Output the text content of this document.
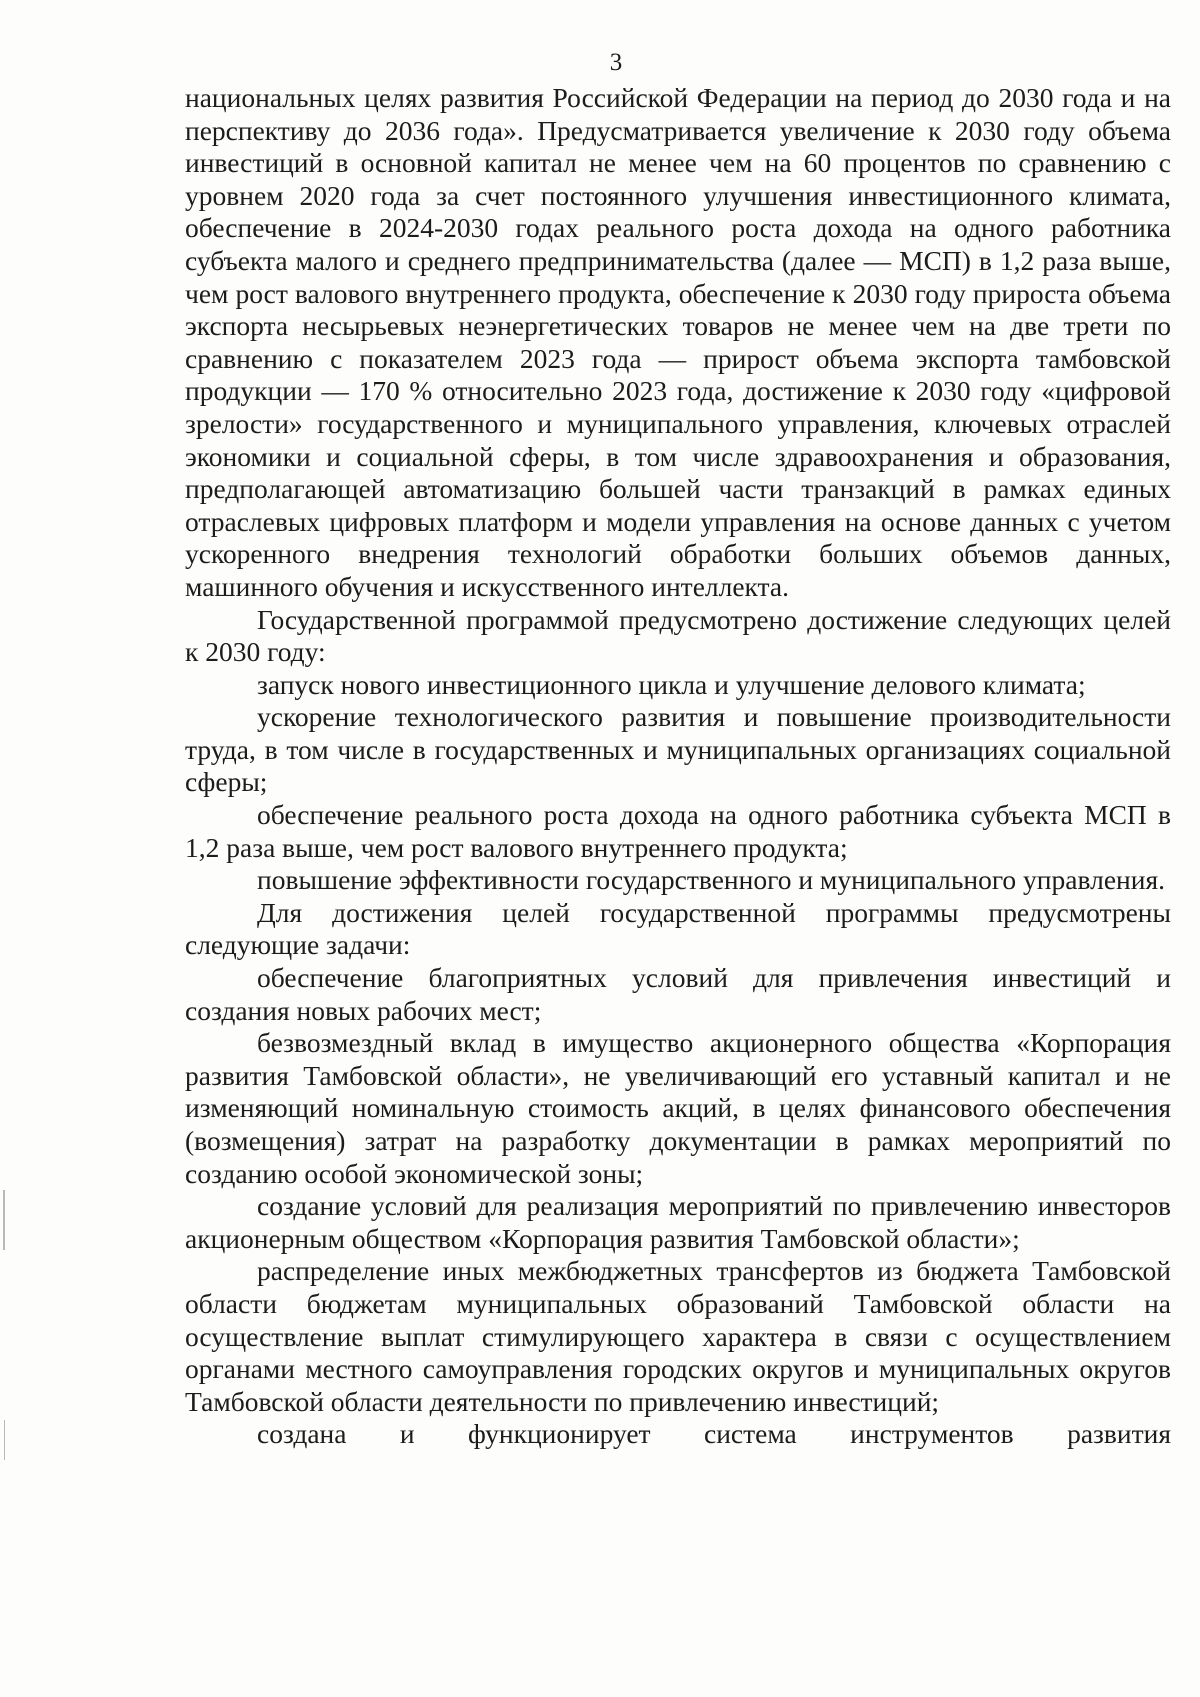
3

национальных целях развития Российской Федерации на период до 2030 года и на перспективу до 2036 года». Предусматривается увеличение к 2030 году объема инвестиций в основной капитал не менее чем на 60 процентов по сравнению с уровнем 2020 года за счет постоянного улучшения инвестиционного климата, обеспечение в 2024-2030 годах реального роста дохода на одного работника субъекта малого и среднего предпринимательства (далее — МСП) в 1,2 раза выше, чем рост валового внутреннего продукта, обеспечение к 2030 году прироста объема экспорта несырьевых неэнергетических товаров не менее чем на две трети по сравнению с показателем 2023 года — прирост объема экспорта тамбовской продукции — 170 % относительно 2023 года, достижение к 2030 году «цифровой зрелости» государственного и муниципального управления, ключевых отраслей экономики и социальной сферы, в том числе здравоохранения и образования, предполагающей автоматизацию большей части транзакций в рамках единых отраслевых цифровых платформ и модели управления на основе данных с учетом ускоренного внедрения технологий обработки больших объемов данных, машинного обучения и искусственного интеллекта.

Государственной программой предусмотрено достижение следующих целей к 2030 году:

запуск нового инвестиционного цикла и улучшение делового климата;

ускорение технологического развития и повышение производительности труда, в том числе в государственных и муниципальных организациях социальной сферы;

обеспечение реального роста дохода на одного работника субъекта МСП в 1,2 раза выше, чем рост валового внутреннего продукта;

повышение эффективности государственного и муниципального управления.

Для достижения целей государственной программы предусмотрены следующие задачи:

обеспечение благоприятных условий для привлечения инвестиций и создания новых рабочих мест;

безвозмездный вклад в имущество акционерного общества «Корпорация развития Тамбовской области», не увеличивающий его уставный капитал и не изменяющий номинальную стоимость акций, в целях финансового обеспечения (возмещения) затрат на разработку документации в рамках мероприятий по созданию особой экономической зоны;

создание условий для реализация мероприятий по привлечению инвесторов акционерным обществом «Корпорация развития Тамбовской области»;

распределение иных межбюджетных трансфертов из бюджета Тамбовской области бюджетам муниципальных образований Тамбовской области на осуществление выплат стимулирующего характера в связи с осуществлением органами местного самоуправления городских округов и муниципальных округов Тамбовской области деятельности по привлечению инвестиций;

создана и функционирует система инструментов развития
